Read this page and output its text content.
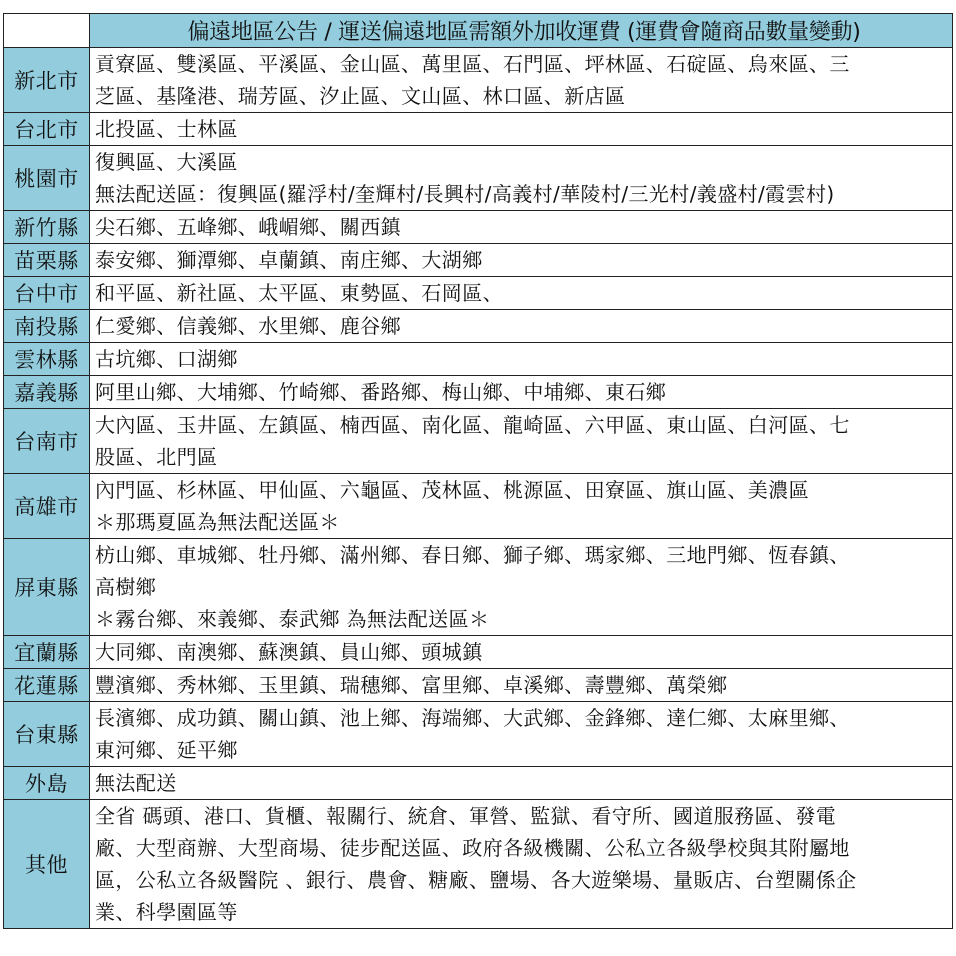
	偏遠地區公告 / 運送偏遠地區需額外加收運費 (運費會隨商品數量變動)
新北市	貢寮區、雙溪區、平溪區、金山區、萬里區、石門區、坪林區、石碇區、烏來區、三
芝區、基隆港、瑞芳區、汐止區、文山區、林口區、新店區

台北市	北投區、士林區

桃園市	復興區、大溪區
無法配送區：復興區(羅浮村/奎輝村/長興村/高義村/華陵村/三光村/義盛村/霞雲村)

新竹縣	尖石鄉、五峰鄉、峨嵋鄉、關西鎮

苗栗縣	泰安鄉、獅潭鄉、卓蘭鎮、南庄鄉、大湖鄉

台中市	和平區、新社區、太平區、東勢區、石岡區、

南投縣	仁愛鄉、信義鄉、水里鄉、鹿谷鄉

雲林縣	古坑鄉、口湖鄉

嘉義縣	阿里山鄉、大埔鄉、竹崎鄉、番路鄉、梅山鄉、中埔鄉、東石鄉

台南市	大內區、玉井區、左鎮區、楠西區、南化區、龍崎區、六甲區、東山區、白河區、七
股區、北門區

高雄市	內門區、杉林區、甲仙區、六龜區、茂林區、桃源區、田寮區、旗山區、美濃區
＊那瑪夏區為無法配送區＊

屏東縣	枋山鄉、車城鄉、牡丹鄉、滿州鄉、春日鄉、獅子鄉、瑪家鄉、三地門鄉、恆春鎮、
高樹鄉
＊霧台鄉、來義鄉、泰武鄉 為無法配送區＊

宜蘭縣	大同鄉、南澳鄉、蘇澳鎮、員山鄉、頭城鎮

花蓮縣	豐濱鄉、秀林鄉、玉里鎮、瑞穗鄉、富里鄉、卓溪鄉、壽豐鄉、萬榮鄉

台東縣	長濱鄉、成功鎮、關山鎮、池上鄉、海端鄉、大武鄉、金鋒鄉、達仁鄉、太麻里鄉、
東河鄉、延平鄉

外島	無法配送

其他	全省 碼頭、港口、貨櫃、報關行、統倉、軍營、監獄、看守所、國道服務區、發電
廠、大型商辦、大型商場、徒步配送區、政府各級機關、公私立各級學校與其附屬地
區，公私立各級醫院 、銀行、農會、糖廠、鹽場、各大遊樂場、量販店、台塑關係企
業、科學園區等
